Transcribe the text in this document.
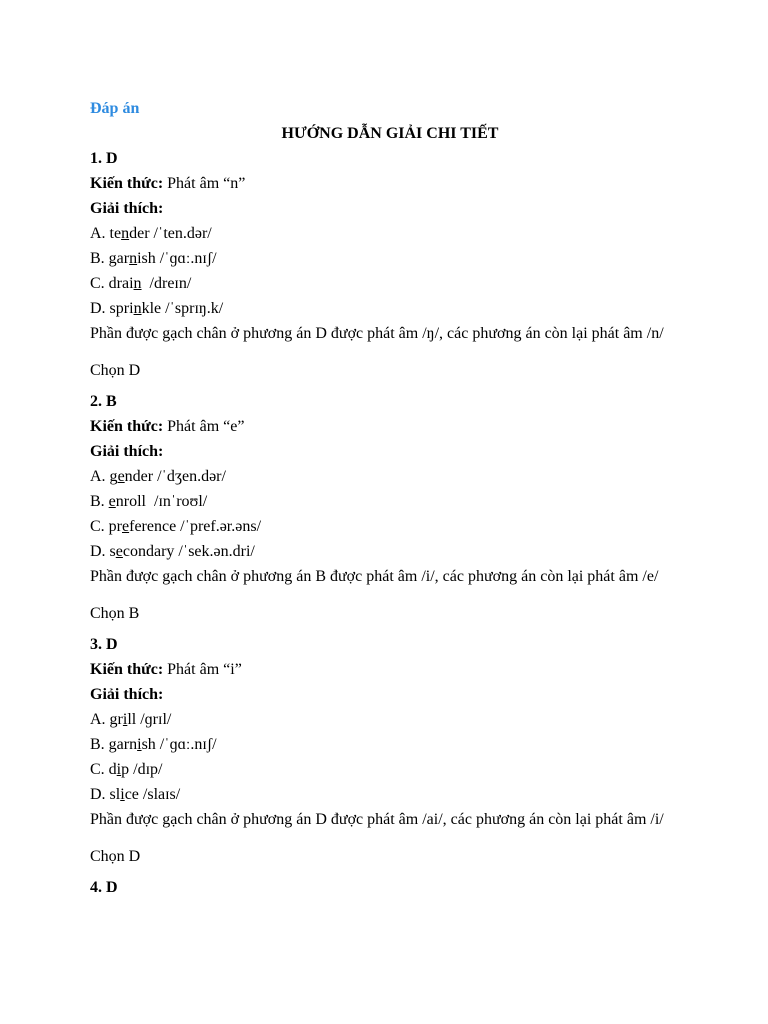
Đáp án
HƯỚNG DẪN GIẢI CHI TIẾT
1. D
Kiến thức: Phát âm “n”
Giải thích:
A. tender /ˈten.dər/
B. garnish /ˈɡɑː.nɪʃ/
C. drain  /dreɪn/
D. sprinkle /ˈsprɪŋ.k/
Phần được gạch chân ở phương án D được phát âm /ŋ/, các phương án còn lại phát âm /n/
Chọn D
2. B
Kiến thức: Phát âm “e”
Giải thích:
A. gender /ˈdʒen.dər/
B. enroll  /ɪnˈroʊl/
C. preference /ˈpref.ər.əns/
D. secondary /ˈsek.ən.dri/
Phần được gạch chân ở phương án B được phát âm /i/, các phương án còn lại phát âm /e/
Chọn B
3. D
Kiến thức: Phát âm “i”
Giải thích:
A. grill /ɡrɪl/
B. garnish /ˈɡɑː.nɪʃ/
C. dip /dɪp/
D. slice /slaɪs/
Phần được gạch chân ở phương án D được phát âm /ai/, các phương án còn lại phát âm /i/
Chọn D
4. D
